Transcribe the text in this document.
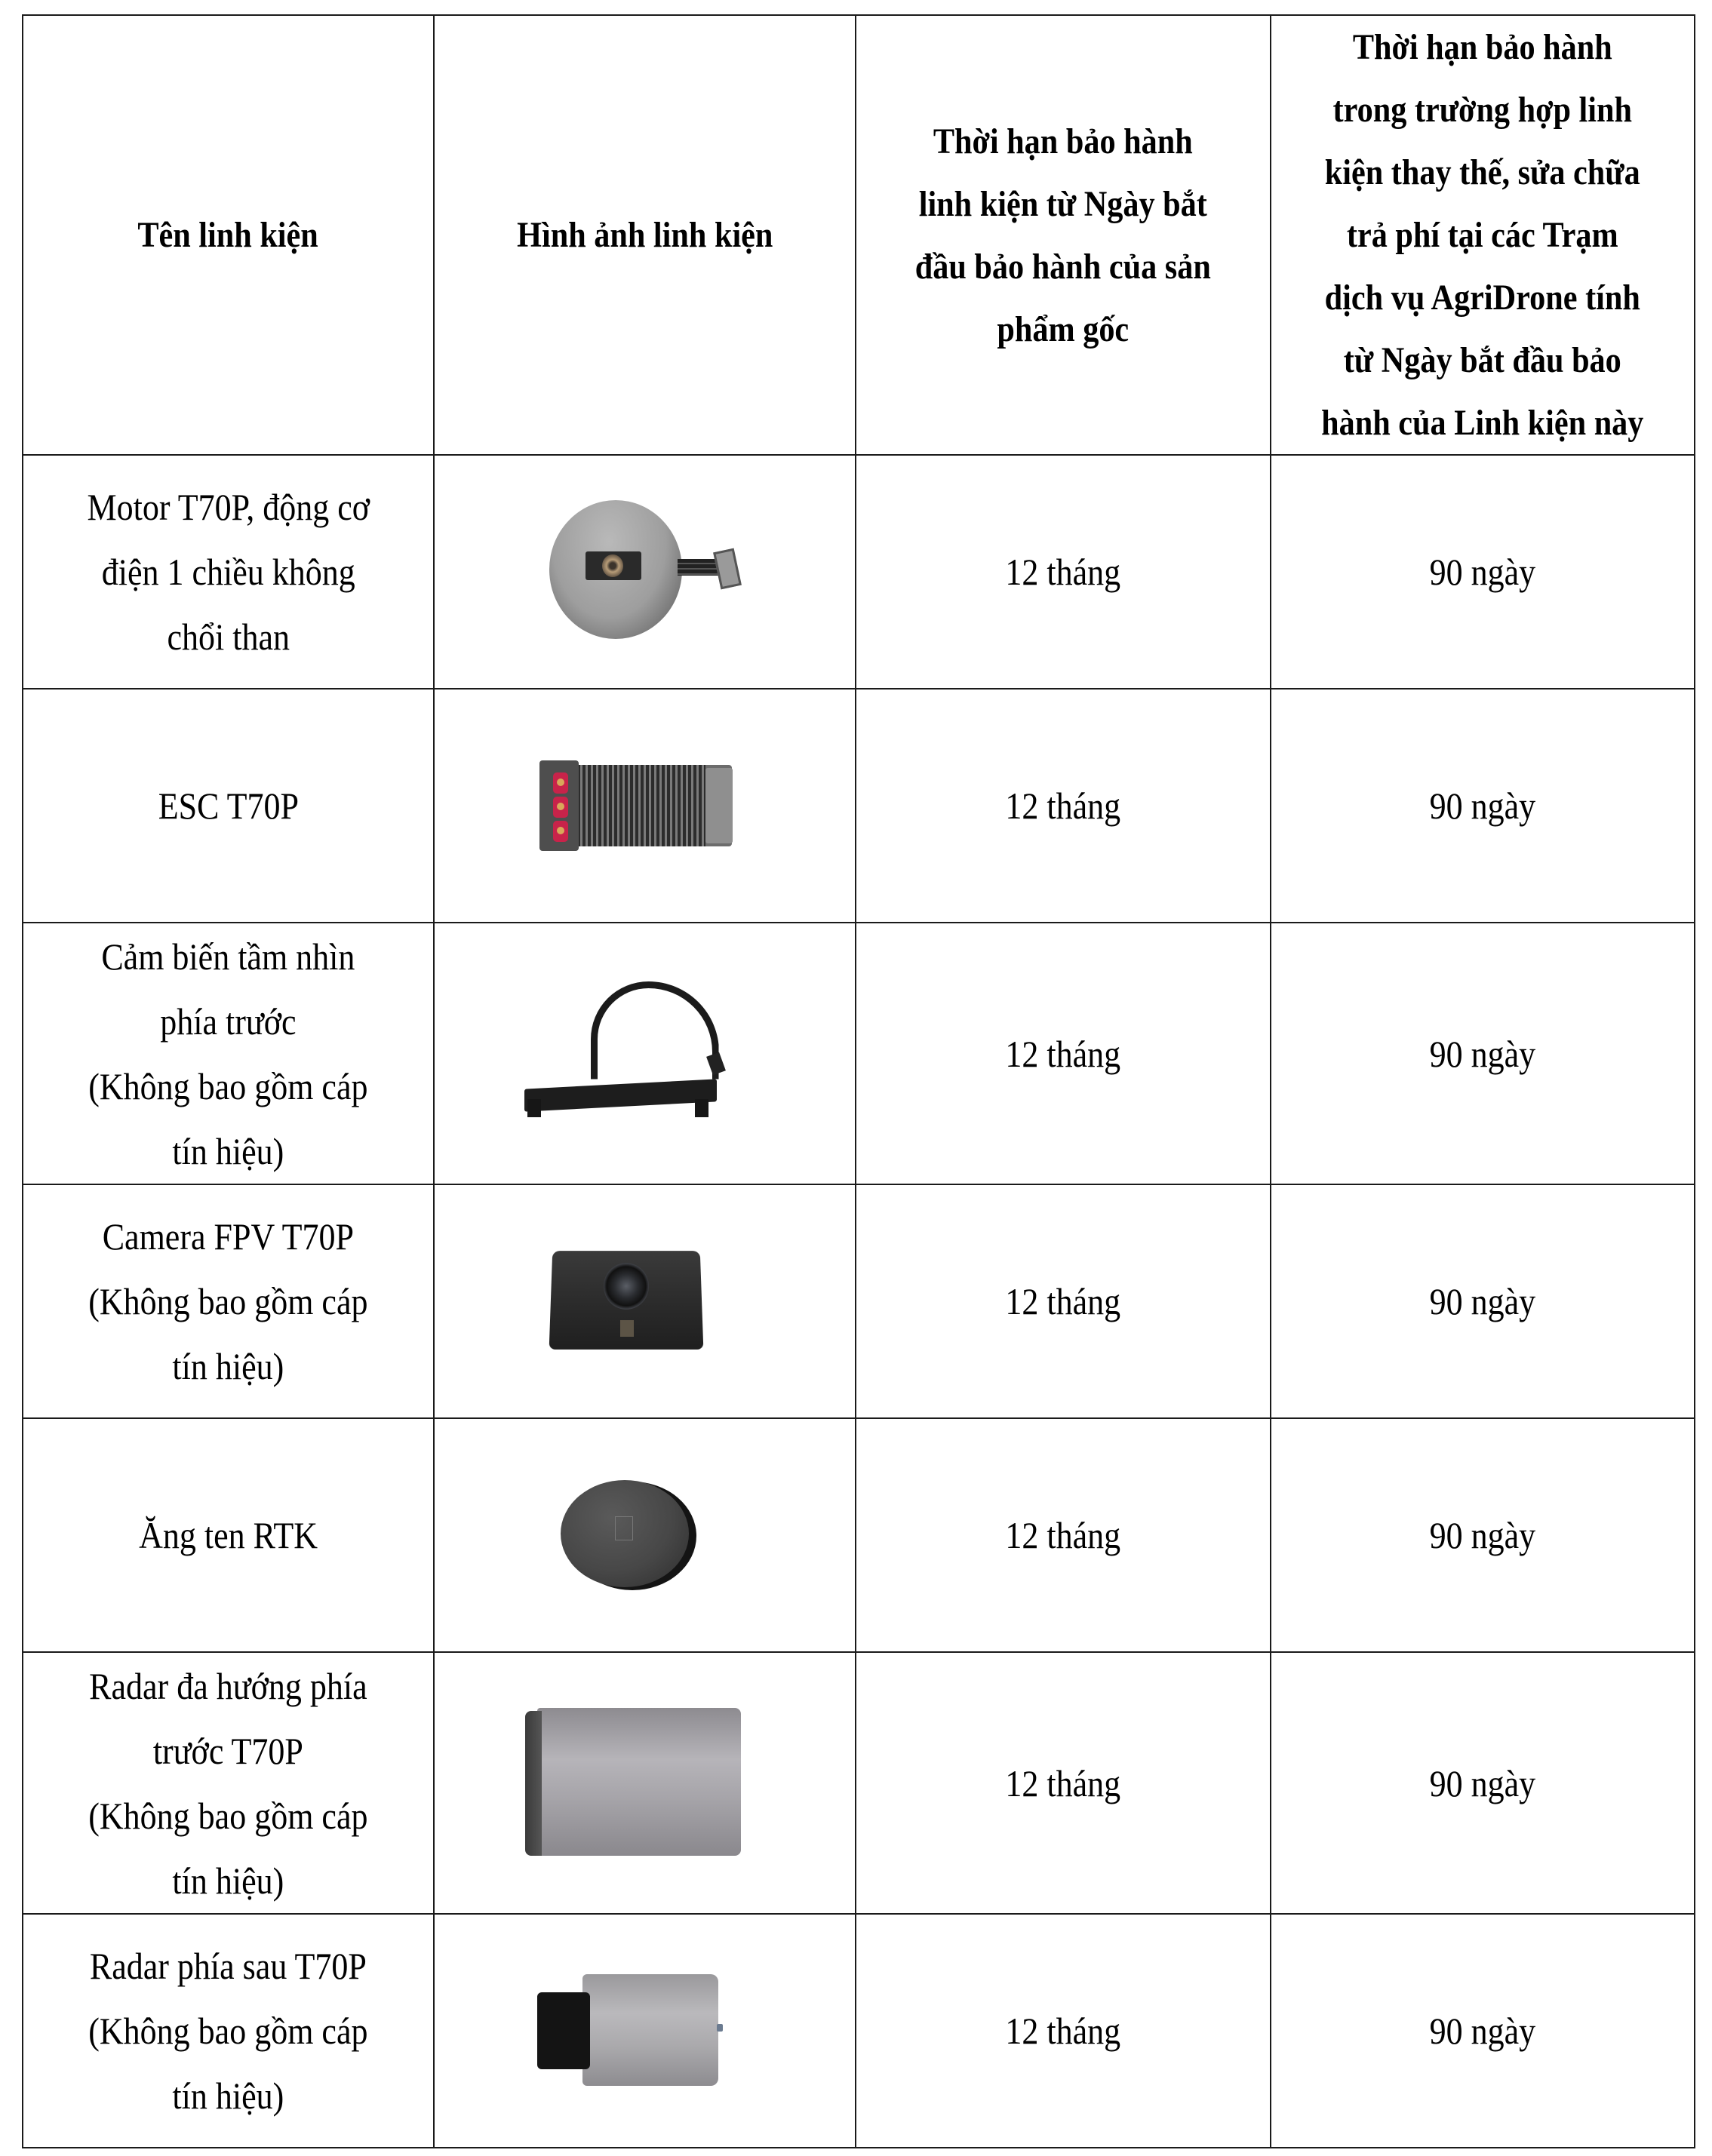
Tên linh kiện	Hình ảnh linh kiện	Thời hạn bảo hành
linh kiện từ Ngày bắt
đầu bảo hành của sản
phẩm gốc	Thời hạn bảo hành
trong trường hợp linh
kiện thay thế, sửa chữa
trả phí tại các Trạm
dịch vụ AgriDrone tính
từ Ngày bắt đầu bảo
hành của Linh kiện này
Motor T70P, động cơ
điện 1 chiều không
chổi than		12 tháng	90 ngày
ESC T70P		12 tháng	90 ngày
Cảm biến tầm nhìn
phía trước
(Không bao gồm cáp
tín hiệu)		12 tháng	90 ngày
Camera FPV T70P
(Không bao gồm cáp
tín hiệu)		12 tháng	90 ngày
Ăng ten RTK		12 tháng	90 ngày
Radar đa hướng phía
trước T70P
(Không bao gồm cáp
tín hiệu)		12 tháng	90 ngày
Radar phía sau T70P
(Không bao gồm cáp
tín hiệu)		12 tháng	90 ngày
